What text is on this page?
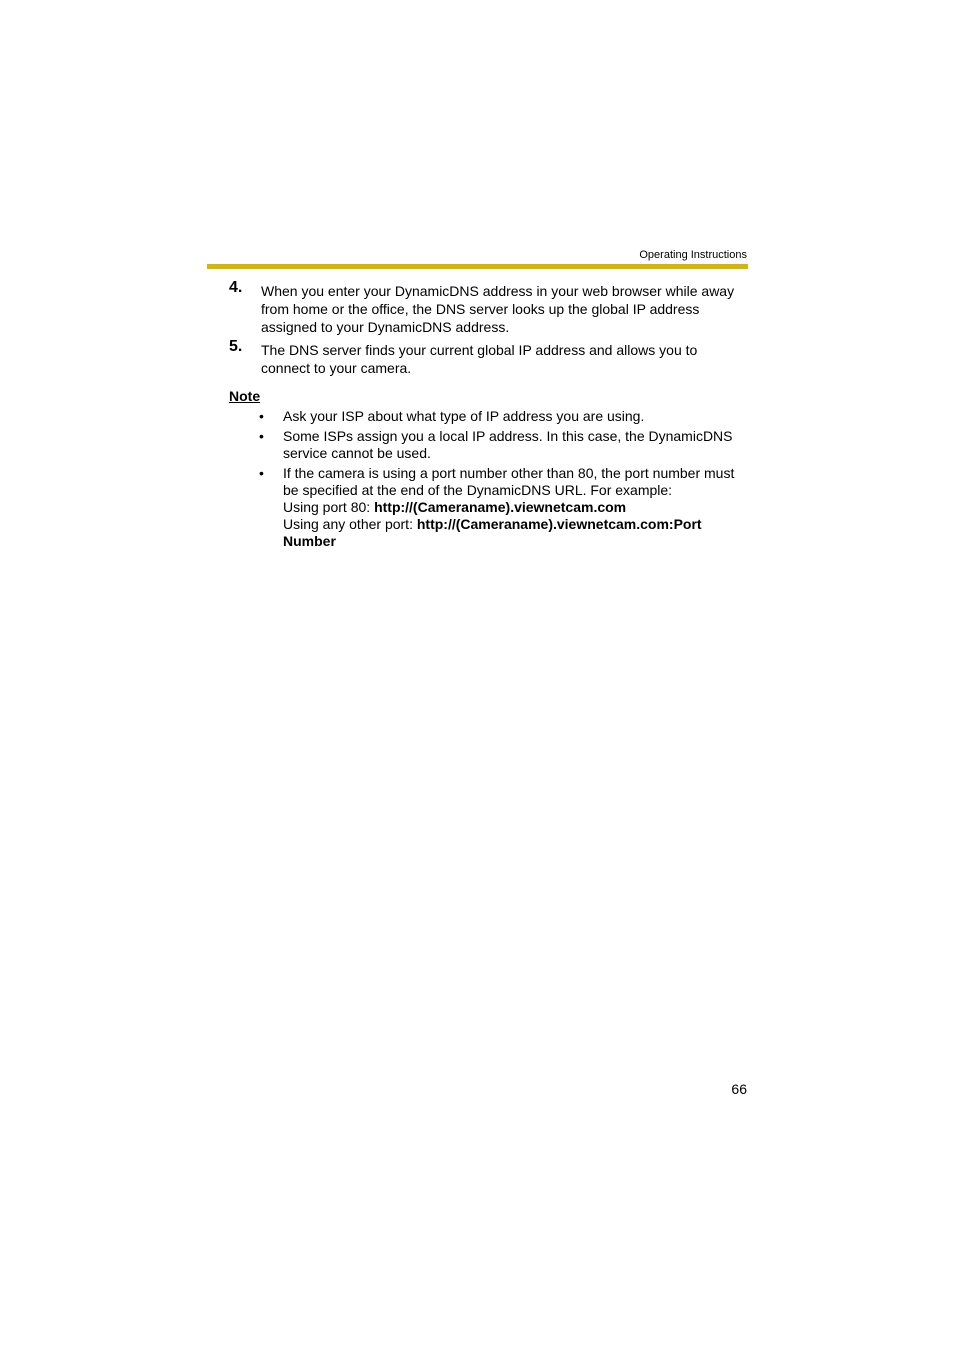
Operating Instructions
4. When you enter your DynamicDNS address in your web browser while away from home or the office, the DNS server looks up the global IP address assigned to your DynamicDNS address.
5. The DNS server finds your current global IP address and allows you to connect to your camera.
Note
• Ask your ISP about what type of IP address you are using.
• Some ISPs assign you a local IP address. In this case, the DynamicDNS service cannot be used.
• If the camera is using a port number other than 80, the port number must be specified at the end of the DynamicDNS URL. For example:
Using port 80: http://(Cameraname).viewnetcam.com
Using any other port: http://(Cameraname).viewnetcam.com:Port Number
66
